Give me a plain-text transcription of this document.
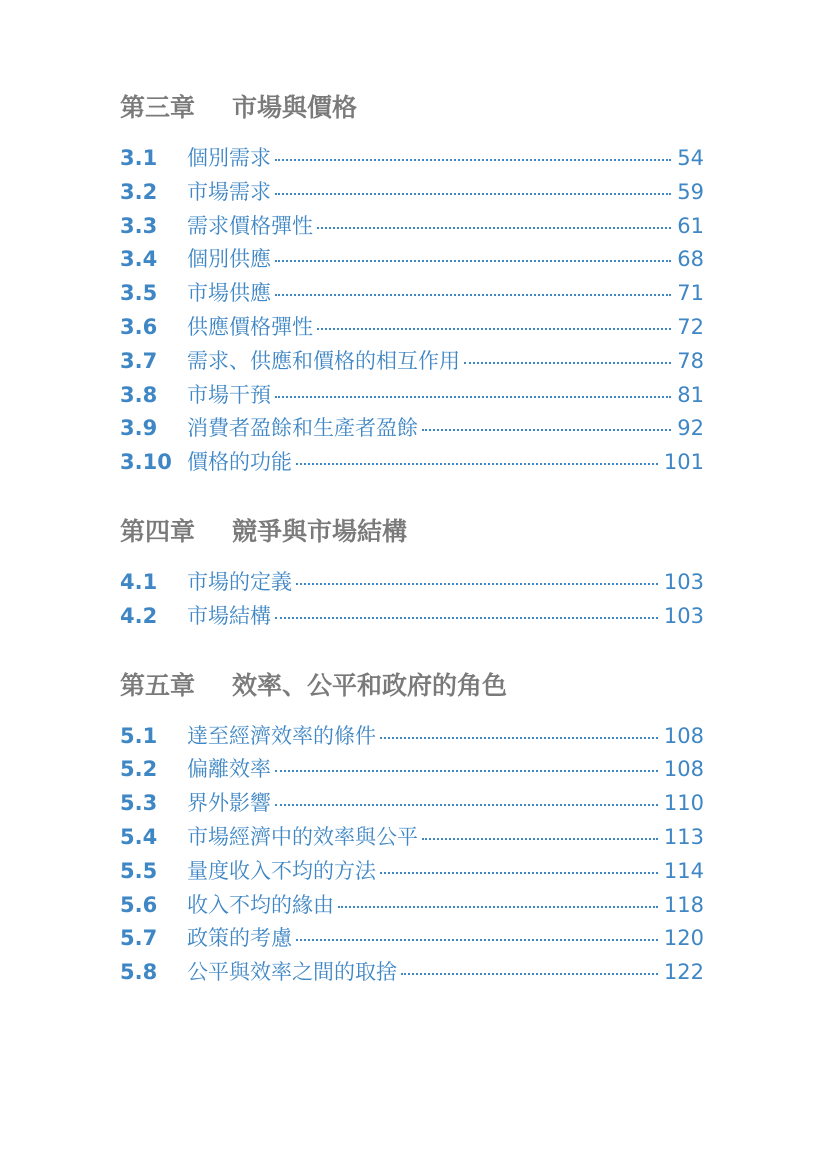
第三章	市場與價格
3.1	個別需求	54
3.2	市場需求	59
3.3	需求價格彈性	61
3.4	個別供應	68
3.5	市場供應	71
3.6	供應價格彈性	72
3.7	需求、供應和價格的相互作用	78
3.8	市場干預	81
3.9	消費者盈餘和生產者盈餘	92
3.10 價格的功能	101
第四章	競爭與市場結構
4.1	市場的定義	103
4.2	市場結構	103
第五章	效率、公平和政府的角色
5.1	達至經濟效率的條件	108
5.2	偏離效率	108
5.3	界外影響	110
5.4	市場經濟中的效率與公平	113
5.5	量度收入不均的方法	114
5.6	收入不均的緣由	118
5.7	政策的考慮	120
5.8	公平與效率之間的取捨	122
